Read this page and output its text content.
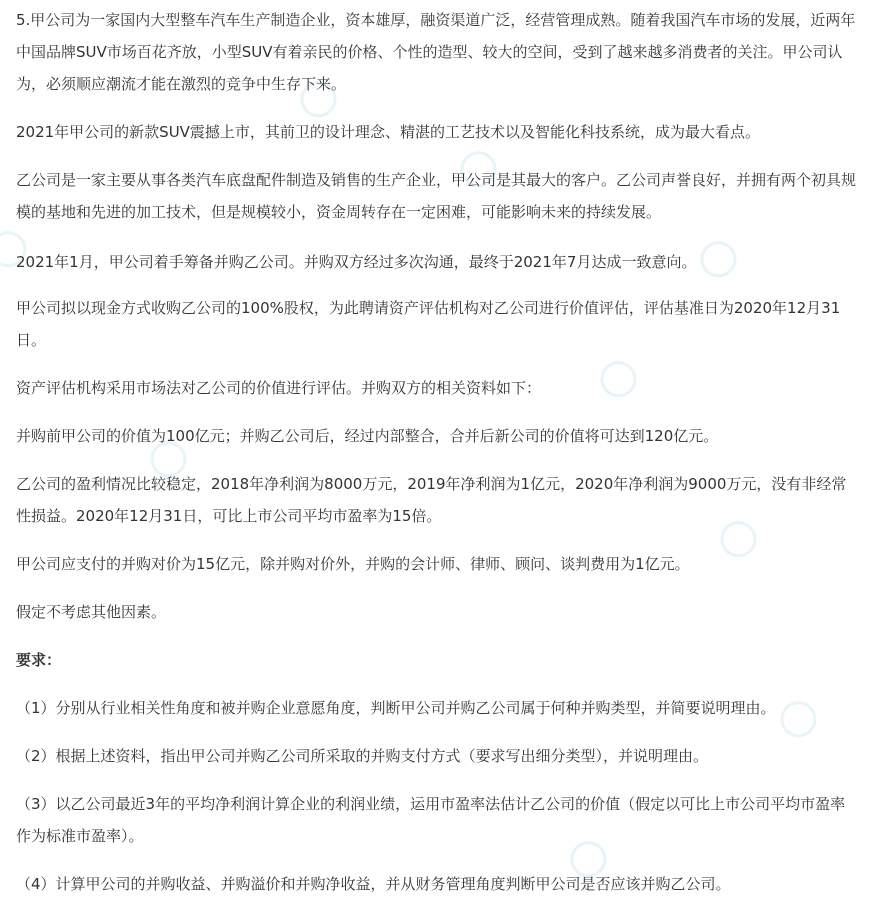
5.甲公司为一家国内大型整车汽车生产制造企业，资本雄厚，融资渠道广泛，经营管理成熟。随着我国汽车市场的发展，近两年中国品牌SUV市场百花齐放，小型SUV有着亲民的价格、个性的造型、较大的空间，受到了越来越多消费者的关注。甲公司认为，必须顺应潮流才能在激烈的竞争中生存下来。

2021年甲公司的新款SUV震撼上市，其前卫的设计理念、精湛的工艺技术以及智能化科技系统，成为最大看点。

乙公司是一家主要从事各类汽车底盘配件制造及销售的生产企业，甲公司是其最大的客户。乙公司声誉良好，并拥有两个初具规模的基地和先进的加工技术，但是规模较小，资金周转存在一定困难，可能影响未来的持续发展。

2021年1月，甲公司着手筹备并购乙公司。并购双方经过多次沟通，最终于2021年7月达成一致意向。

甲公司拟以现金方式收购乙公司的100%股权，为此聘请资产评估机构对乙公司进行价值评估，评估基准日为2020年12月31日。

资产评估机构采用市场法对乙公司的价值进行评估。并购双方的相关资料如下：

并购前甲公司的价值为100亿元；并购乙公司后，经过内部整合，合并后新公司的价值将可达到120亿元。

乙公司的盈利情况比较稳定，2018年净利润为8000万元，2019年净利润为1亿元，2020年净利润为9000万元，没有非经常性损益。2020年12月31日，可比上市公司平均市盈率为15倍。

甲公司应支付的并购对价为15亿元，除并购对价外，并购的会计师、律师、顾问、谈判费用为1亿元。

假定不考虑其他因素。

要求：

（1）分别从行业相关性角度和被并购企业意愿角度，判断甲公司并购乙公司属于何种并购类型，并简要说明理由。

（2）根据上述资料，指出甲公司并购乙公司所采取的并购支付方式（要求写出细分类型），并说明理由。

（3）以乙公司最近3年的平均净利润计算企业的利润业绩，运用市盈率法估计乙公司的价值（假定以可比上市公司平均市盈率作为标准市盈率）。

（4）计算甲公司的并购收益、并购溢价和并购净收益，并从财务管理角度判断甲公司是否应该并购乙公司。
